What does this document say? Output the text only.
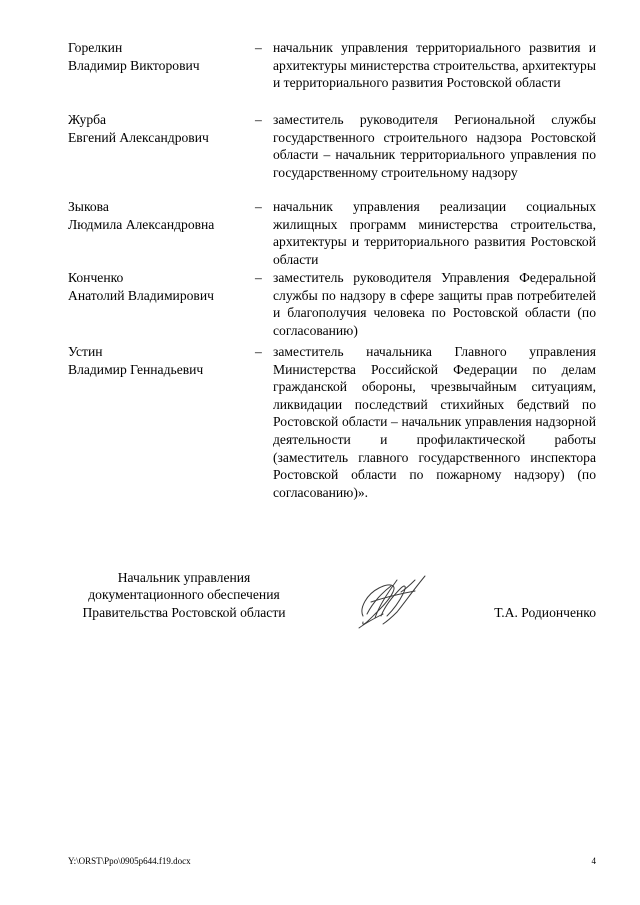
Горелкин
Владимир Викторович
– начальник управления территориального развития и архитектуры министерства строительства, архитектуры и территориального развития Ростовской области
Журба
Евгений Александрович
– заместитель руководителя Региональной службы государственного строительного надзора Ростовской области – начальник территориального управления по государственному строительному надзору
Зыкова
Людмила Александровна
– начальник управления реализации социальных жилищных программ министерства строительства, архитектуры и территориального развития Ростовской области
Конченко
Анатолий Владимирович
– заместитель руководителя Управления Федеральной службы по надзору в сфере защиты прав потребителей и благополучия человека по Ростовской области (по согласованию)
Устин
Владимир Геннадьевич
– заместитель начальника Главного управления Министерства Российской Федерации по делам гражданской обороны, чрезвычайным ситуациям, ликвидации последствий стихийных бедствий по Ростовской области – начальник управления надзорной деятельности и профилактической работы (заместитель главного государственного инспектора Ростовской области по пожарному надзору) (по согласованию)».
Начальник управления
документационного обеспечения
Правительства Ростовской области	Т.А. Родионченко
Y:\ORST\Ppo\0905p644.f19.docx	4
